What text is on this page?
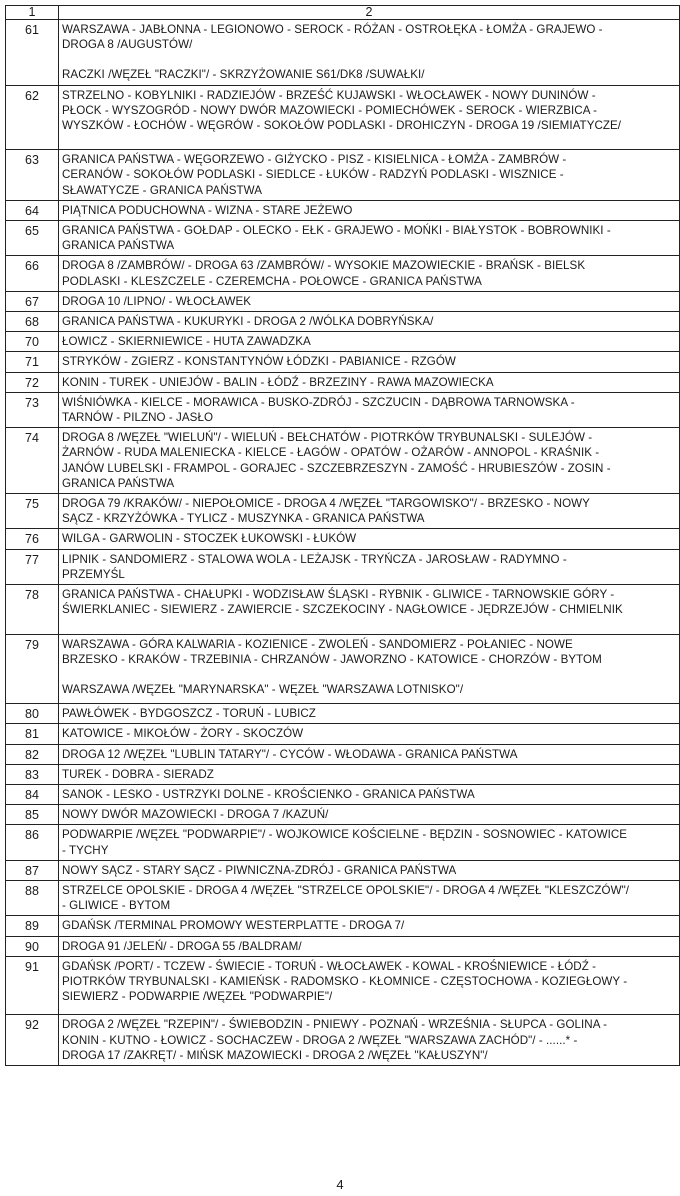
1	2
61	WARSZAWA - JABŁONNA - LEGIONOWO - SEROCK - RÓŻAN - OSTROŁĘKA - ŁOMŻA - GRAJEWO -
DROGA 8 /AUGUSTÓW/
RACZKI /WĘZEŁ "RACZKI"/ - SKRZYŻOWANIE S61/DK8 /SUWAŁKI/

62	STRZELNO - KOBYLNIKI - RADZIEJÓW - BRZEŚĆ KUJAWSKI - WŁOCŁAWEK - NOWY DUNINÓW -
PŁOCK - WYSZOGRÓD - NOWY DWÓR MAZOWIECKI - POMIECHÓWEK - SEROCK - WIERZBICA -
WYSZKÓW - ŁOCHÓW - WĘGRÓW - SOKOŁÓW PODLASKI - DROHICZYN - DROGA 19 /SIEMIATYCZE/

63	GRANICA PAŃSTWA - WĘGORZEWO - GIŻYCKO - PISZ - KISIELNICA - ŁOMŻA - ZAMBRÓW -
CERANÓW - SOKOŁÓW PODLASKI - SIEDLCE - ŁUKÓW - RADZYŃ PODLASKI - WISZNICE -
SŁAWATYCZE - GRANICA PAŃSTWA

64	PIĄTNICA PODUCHOWNA - WIZNA - STARE JEŻEWO

65	GRANICA PAŃSTWA - GOŁDAP - OLECKO - EŁK - GRAJEWO - MOŃKI - BIAŁYSTOK - BOBROWNIKI -
GRANICA PAŃSTWA

66	DROGA 8 /ZAMBRÓW/ - DROGA 63 /ZAMBRÓW/ - WYSOKIE MAZOWIECKIE - BRAŃSK - BIELSK
PODLASKI - KLESZCZELE - CZEREMCHA - POŁOWCE - GRANICA PAŃSTWA

67	DROGA 10 /LIPNO/ - WŁOCŁAWEK

68	GRANICA PAŃSTWA - KUKURYKI - DROGA 2 /WÓLKA DOBRYŃSKA/

70	ŁOWICZ - SKIERNIEWICE - HUTA ZAWADZKA

71	STRYKÓW - ZGIERZ - KONSTANTYNÓW ŁÓDZKI - PABIANICE - RZGÓW

72	KONIN - TUREK - UNIEJÓW - BALIN - ŁÓDŹ - BRZEZINY - RAWA MAZOWIECKA

73	WIŚNIÓWKA - KIELCE - MORAWICA - BUSKO-ZDRÓJ - SZCZUCIN - DĄBROWA TARNOWSKA -
TARNÓW - PILZNO - JASŁO

74	DROGA 8 /WĘZEŁ "WIELUŃ"/ - WIELUŃ - BEŁCHATÓW - PIOTRKÓW TRYBUNALSKI - SULEJÓW -
ŻARNÓW - RUDA MALENIECKA - KIELCE - ŁAGÓW - OPATÓW - OŻARÓW - ANNOPOL - KRAŚNIK -
JANÓW LUBELSKI - FRAMPOL - GORAJEC - SZCZEBRZESZYN - ZAMOŚĆ - HRUBIESZÓW - ZOSIN -
GRANICA PAŃSTWA

75	DROGA 79 /KRAKÓW/ - NIEPOŁOMICE - DROGA 4 /WĘZEŁ "TARGOWISKO"/ - BRZESKO - NOWY
SĄCZ - KRZYŻÓWKA - TYLICZ - MUSZYNKA - GRANICA PAŃSTWA

76	WILGA - GARWOLIN - STOCZEK ŁUKOWSKI - ŁUKÓW

77	LIPNIK - SANDOMIERZ - STALOWA WOLA - LEŻAJSK - TRYŃCZA - JAROSŁAW - RADYMNO -
PRZEMYŚL

78	GRANICA PAŃSTWA - CHAŁUPKI - WODZISŁAW ŚLĄSKI - RYBNIK - GLIWICE - TARNOWSKIE GÓRY -
ŚWIERKLANIEC - SIEWIERZ - ZAWIERCIE - SZCZEKOCINY - NAGŁOWICE - JĘDRZEJÓW - CHMIELNIK

79	WARSZAWA - GÓRA KALWARIA - KOZIENICE - ZWOLEŃ - SANDOMIERZ - POŁANIEC - NOWE
BRZESKO - KRAKÓW - TRZEBINIA - CHRZANÓW - JAWORZNO - KATOWICE - CHORZÓW - BYTOM
WARSZAWA /WĘZEŁ "MARYNARSKA" - WĘZEŁ "WARSZAWA LOTNISKO"/

80	PAWŁÓWEK - BYDGOSZCZ - TORUŃ - LUBICZ

81	KATOWICE - MIKOŁÓW - ŻORY - SKOCZÓW

82	DROGA 12 /WĘZEŁ "LUBLIN TATARY"/ - CYCÓW - WŁODAWA - GRANICA PAŃSTWA

83	TUREK - DOBRA - SIERADZ

84	SANOK - LESKO - USTRZYKI DOLNE - KROŚCIENKO - GRANICA PAŃSTWA

85	NOWY DWÓR MAZOWIECKI - DROGA 7 /KAZUŃ/

86	PODWARPIE /WĘZEŁ "PODWARPIE"/ - WOJKOWICE KOŚCIELNE - BĘDZIN - SOSNOWIEC - KATOWICE
- TYCHY

87	NOWY SĄCZ - STARY SĄCZ - PIWNICZNA-ZDRÓJ - GRANICA PAŃSTWA

88	STRZELCE OPOLSKIE - DROGA 4 /WĘZEŁ "STRZELCE OPOLSKIE"/ - DROGA 4 /WĘZEŁ "KLESZCZÓW"/
- GLIWICE - BYTOM

89	GDAŃSK /TERMINAL PROMOWY WESTERPLATTE - DROGA 7/

90	DROGA 91 /JELEŃ/ - DROGA 55 /BALDRAM/

91	GDAŃSK /PORT/ - TCZEW - ŚWIECIE - TORUŃ - WŁOCŁAWEK - KOWAL - KROŚNIEWICE - ŁÓDŹ -
PIOTRKÓW TRYBUNALSKI - KAMIEŃSK - RADOMSKO - KŁOMNICE - CZĘSTOCHOWA - KOZIEGŁOWY -
SIEWIERZ - PODWARPIE /WĘZEŁ "PODWARPIE"/

92	DROGA 2 /WĘZEŁ "RZEPIN"/ - ŚWIEBODZIN - PNIEWY - POZNAŃ - WRZEŚNIA - SŁUPCA - GOLINA -
KONIN - KUTNO - ŁOWICZ - SOCHACZEW - DROGA 2 /WĘZEŁ "WARSZAWA ZACHÓD"/ - ......* -
DROGA 17 /ZAKRĘT/ - MIŃSK MAZOWIECKI - DROGA 2 /WĘZEŁ "KAŁUSZYN"/
4
